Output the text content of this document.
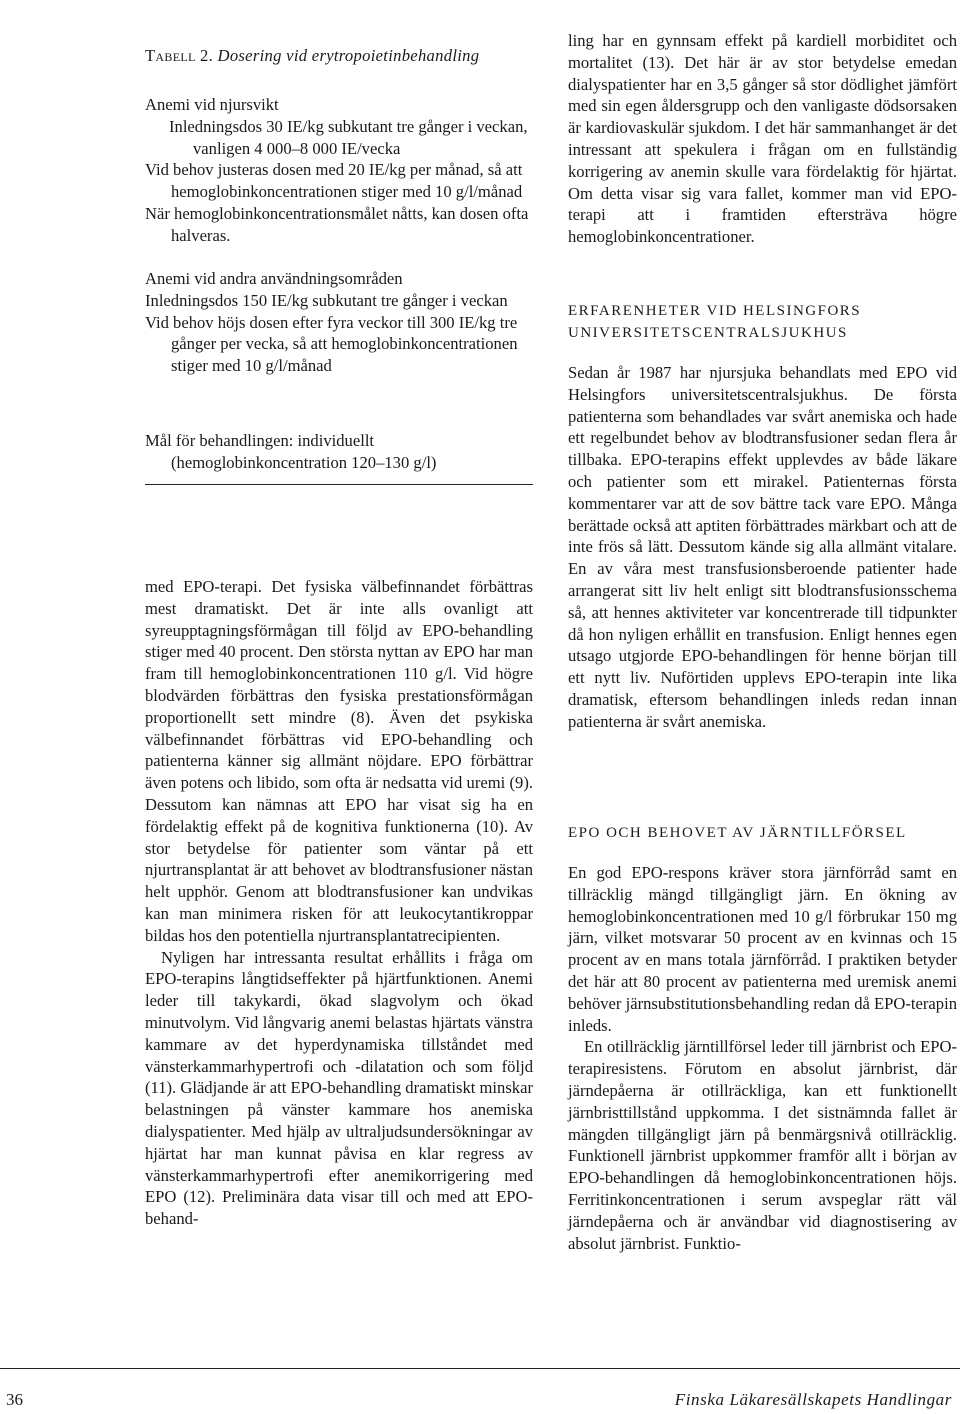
Tabell 2. Dosering vid erytropoietinbehandling
Anemi vid njursvikt
Inledningsdos 30 IE/kg subkutant tre gånger i veckan, vanligen 4 000–8 000 IE/vecka
Vid behov justeras dosen med 20 IE/kg per månad, så att hemoglobinkoncentrationen stiger med 10 g/l/månad
När hemoglobinkoncentrationsmålet nåtts, kan dosen ofta halveras.
Anemi vid andra användningsområden
Inledningsdos 150 IE/kg subkutant tre gånger i veckan
Vid behov höjs dosen efter fyra veckor till 300 IE/kg tre gånger per vecka, så att hemoglobinkoncentrationen stiger med 10 g/l/månad
Mål för behandlingen: individuellt (hemoglobinkoncentration 120–130 g/l)

med EPO-terapi. Det fysiska välbefinnandet förbättras mest dramatiskt. Det är inte alls ovanligt att syreupptagningsförmågan till följd av EPO-behandling stiger med 40 procent. Den största nyttan av EPO har man fram till hemoglobinkoncentrationen 110 g/l. Vid högre blodvärden förbättras den fysiska prestationsförmågan proportionellt sett mindre (8). Även det psykiska välbefinnandet förbättras vid EPO-behandling och patienterna känner sig allmänt nöjdare. EPO förbättrar även potens och libido, som ofta är nedsatta vid uremi (9). Dessutom kan nämnas att EPO har visat sig ha en fördelaktig effekt på de kognitiva funktionerna (10). Av stor betydelse för patienter som väntar på ett njurtransplantat är att behovet av blodtransfusioner nästan helt upphör. Genom att blodtransfusioner kan undvikas kan man minimera risken för att leukocytantikroppar bildas hos den potentiella njurtransplantatrecipienten.

Nyligen har intressanta resultat erhållits i fråga om EPO-terapins långtidseffekter på hjärtfunktionen. Anemi leder till takykardi, ökad slagvolym och ökad minutvolym. Vid långvarig anemi belastas hjärtats vänstra kammare av det hyperdynamiska tillståndet med vänsterkammarhypertrofi och -dilatation och som följd (11). Glädjande är att EPO-behandling dramatiskt minskar belastningen på vänster kammare hos anemiska dialyspatienter. Med hjälp av ultraljudsundersökningar av hjärtat har man kunnat påvisa en klar regress av vänsterkammarhypertrofi efter anemikorrigering med EPO (12). Preliminära data visar till och med att EPO-behand-

ling har en gynnsam effekt på kardiell morbiditet och mortalitet (13). Det här är av stor betydelse emedan dialyspatienter har en 3,5 gånger så stor dödlighet jämfört med sin egen åldersgrupp och den vanligaste dödsorsaken är kardiovaskulär sjukdom. I det här sammanhanget är det intressant att spekulera i frågan om en fullständig korrigering av anemin skulle vara fördelaktig för hjärtat. Om detta visar sig vara fallet, kommer man vid EPO-terapi att i framtiden eftersträva högre hemoglobinkoncentrationer.

ERFARENHETER VID HELSINGFORS UNIVERSITETSCENTRALSJUKHUS

Sedan år 1987 har njursjuka behandlats med EPO vid Helsingfors universitetscentralsjukhus. De första patienterna som behandlades var svårt anemiska och hade ett regelbundet behov av blodtransfusioner sedan flera år tillbaka. EPO-terapins effekt upplevdes av både läkare och patienter som ett mirakel. Patienternas första kommentarer var att de sov bättre tack vare EPO. Många berättade också att aptiten förbättrades märkbart och att de inte frös så lätt. Dessutom kände sig alla allmänt vitalare. En av våra mest transfusionsberoende patienter hade arrangerat sitt liv helt enligt sitt blodtransfusionsschema så, att hennes aktiviteter var koncentrerade till tidpunkter då hon nyligen erhållit en transfusion. Enligt hennes egen utsago utgjorde EPO-behandlingen för henne början till ett nytt liv. Nuförtiden upplevs EPO-terapin inte lika dramatisk, eftersom behandlingen inleds redan innan patienterna är svårt anemiska.

EPO OCH BEHOVET AV JÄRNTILLFÖRSEL

En god EPO-respons kräver stora järnförråd samt en tillräcklig mängd tillgängligt järn. En ökning av hemoglobinkoncentrationen med 10 g/l förbrukar 150 mg järn, vilket motsvarar 50 procent av en kvinnas och 15 procent av en mans totala järnförråd. I praktiken betyder det här att 80 procent av patienterna med uremisk anemi behöver järnsubstitutionsbehandling redan då EPO-terapin inleds.

En otillräcklig järntillförsel leder till järnbrist och EPO-terapiresistens. Förutom en absolut järnbrist, där järndepåerna är otillräckliga, kan ett funktionellt järnbristtillstånd uppkomma. I det sistnämnda fallet är mängden tillgängligt järn på benmärgsnivå otillräcklig. Funktionell järnbrist uppkommer framför allt i början av EPO-behandlingen då hemoglobinkoncentrationen höjs. Ferritinkoncentrationen i serum avspeglar rätt väl järndepåerna och är användbar vid diagnostisering av absolut järnbrist. Funktio-

36	Finska Läkaresällskapets Handlingar
